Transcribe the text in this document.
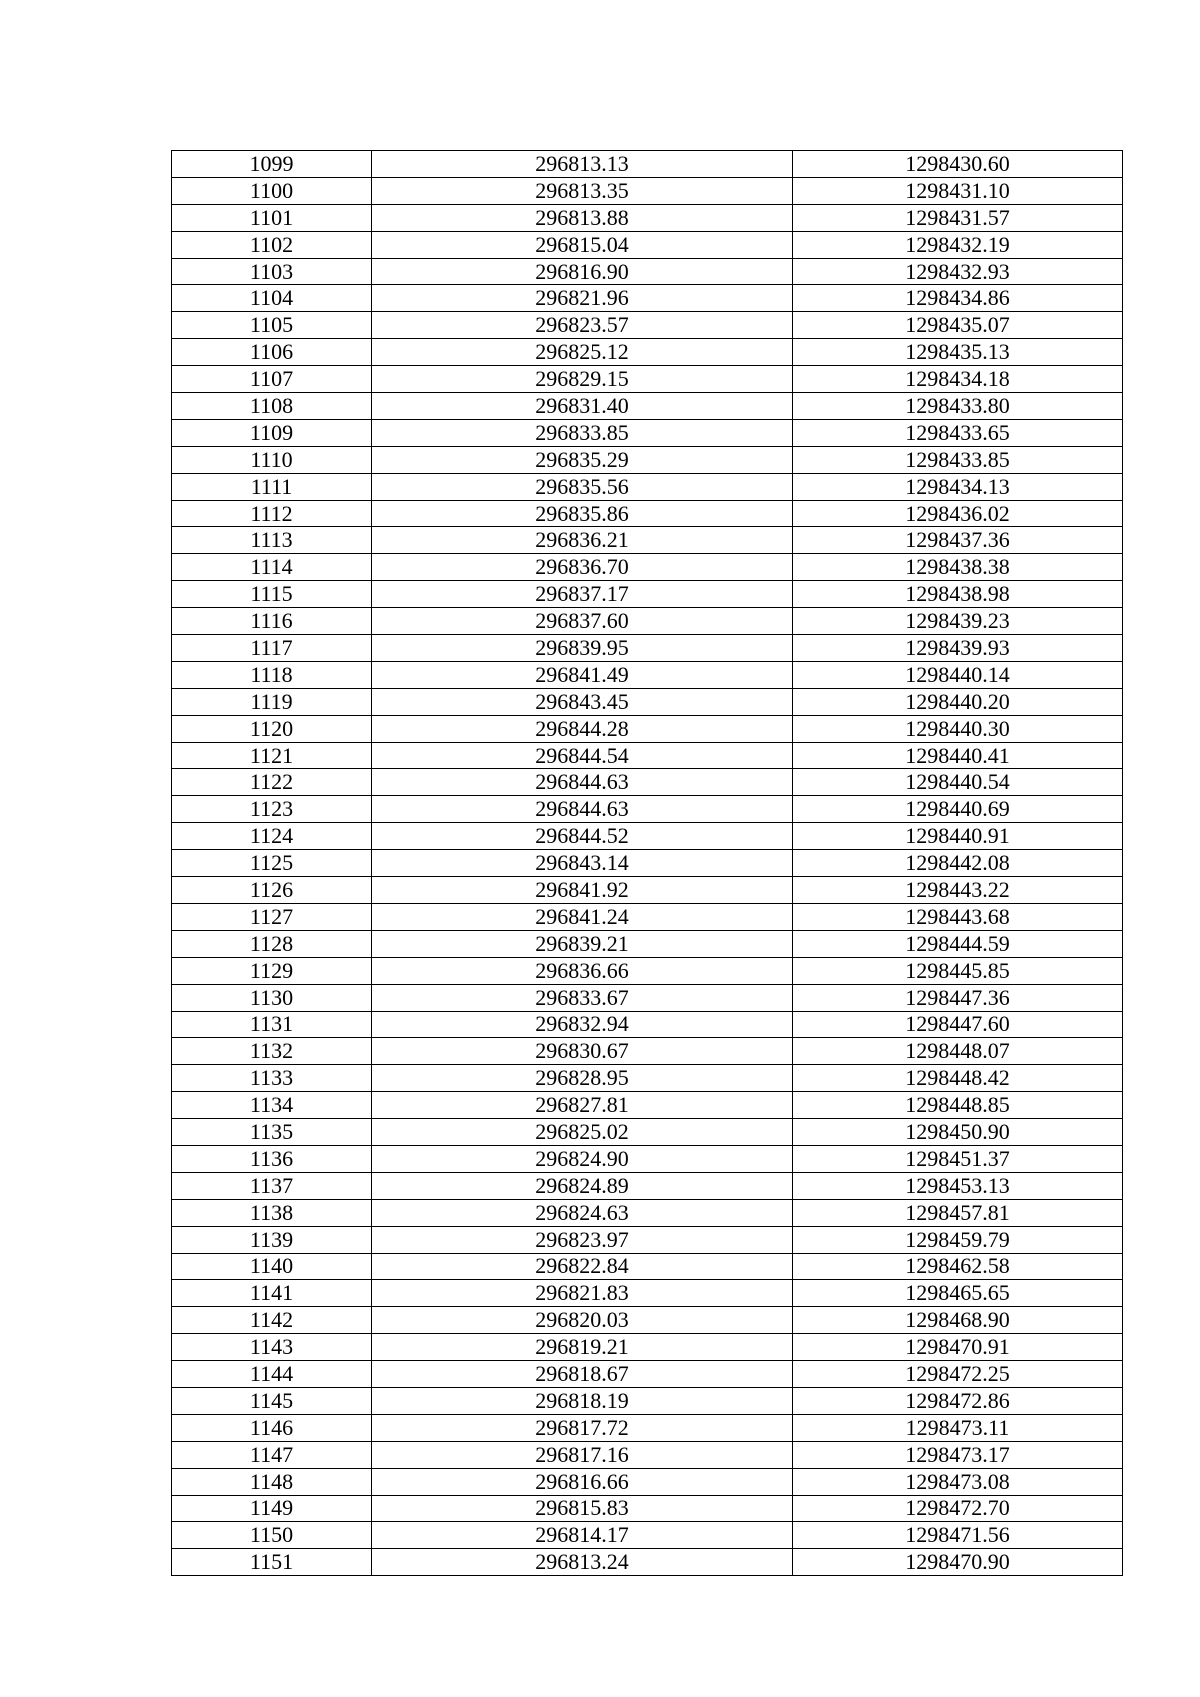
1099	296813.13	1298430.60
1100	296813.35	1298431.10
1101	296813.88	1298431.57
1102	296815.04	1298432.19
1103	296816.90	1298432.93
1104	296821.96	1298434.86
1105	296823.57	1298435.07
1106	296825.12	1298435.13
1107	296829.15	1298434.18
1108	296831.40	1298433.80
1109	296833.85	1298433.65
1110	296835.29	1298433.85
1111	296835.56	1298434.13
1112	296835.86	1298436.02
1113	296836.21	1298437.36
1114	296836.70	1298438.38
1115	296837.17	1298438.98
1116	296837.60	1298439.23
1117	296839.95	1298439.93
1118	296841.49	1298440.14
1119	296843.45	1298440.20
1120	296844.28	1298440.30
1121	296844.54	1298440.41
1122	296844.63	1298440.54
1123	296844.63	1298440.69
1124	296844.52	1298440.91
1125	296843.14	1298442.08
1126	296841.92	1298443.22
1127	296841.24	1298443.68
1128	296839.21	1298444.59
1129	296836.66	1298445.85
1130	296833.67	1298447.36
1131	296832.94	1298447.60
1132	296830.67	1298448.07
1133	296828.95	1298448.42
1134	296827.81	1298448.85
1135	296825.02	1298450.90
1136	296824.90	1298451.37
1137	296824.89	1298453.13
1138	296824.63	1298457.81
1139	296823.97	1298459.79
1140	296822.84	1298462.58
1141	296821.83	1298465.65
1142	296820.03	1298468.90
1143	296819.21	1298470.91
1144	296818.67	1298472.25
1145	296818.19	1298472.86
1146	296817.72	1298473.11
1147	296817.16	1298473.17
1148	296816.66	1298473.08
1149	296815.83	1298472.70
1150	296814.17	1298471.56
1151	296813.24	1298470.90
